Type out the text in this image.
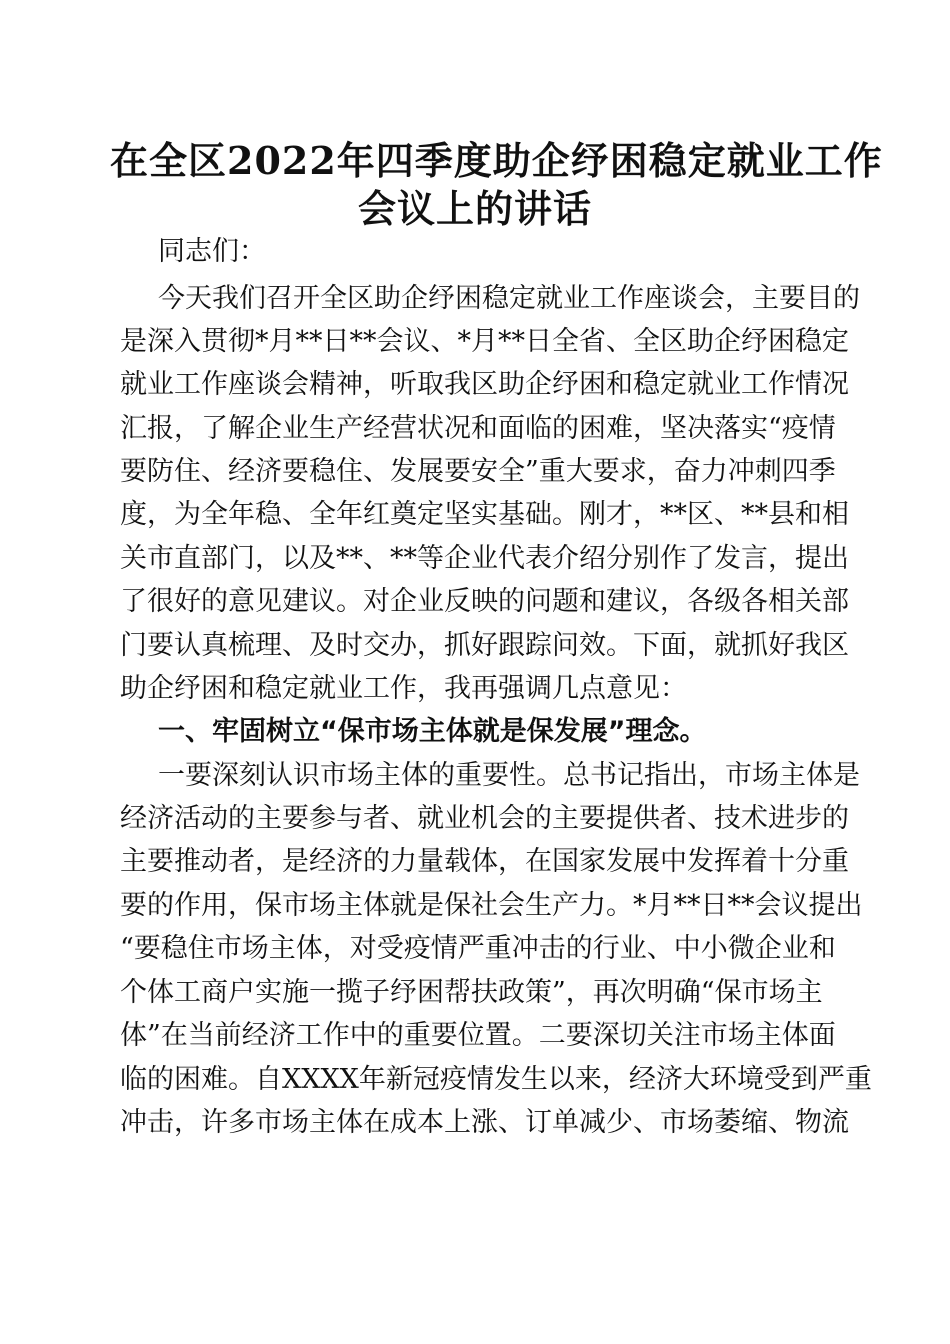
在全区2022年四季度助企纾困稳定就业工作
会议上的讲话

同志们：

今天我们召开全区助企纾困稳定就业工作座谈会，主要目的

是深入贯彻*月**日**会议、*月**日全省、全区助企纾困稳定

就业工作座谈会精神，听取我区助企纾困和稳定就业工作情况

汇报，了解企业生产经营状况和面临的困难，坚决落实“疫情

要防住、经济要稳住、发展要安全”重大要求，奋力冲刺四季

度，为全年稳、全年红奠定坚实基础。刚才，**区、**县和相

关市直部门，以及**、**等企业代表介绍分别作了发言，提出

了很好的意见建议。对企业反映的问题和建议，各级各相关部

门要认真梳理、及时交办，抓好跟踪问效。下面，就抓好我区

助企纾困和稳定就业工作，我再强调几点意见：

一、牢固树立“保市场主体就是保发展”理念。

一要深刻认识市场主体的重要性。总书记指出，市场主体是

经济活动的主要参与者、就业机会的主要提供者、技术进步的

主要推动者，是经济的力量载体，在国家发展中发挥着十分重

要的作用，保市场主体就是保社会生产力。*月**日**会议提出

“要稳住市场主体，对受疫情严重冲击的行业、中小微企业和

个体工商户实施一揽子纾困帮扶政策”，再次明确“保市场主

体”在当前经济工作中的重要位置。二要深切关注市场主体面

临的困难。自XXXX年新冠疫情发生以来，经济大环境受到严重

冲击，许多市场主体在成本上涨、订单减少、市场萎缩、物流
